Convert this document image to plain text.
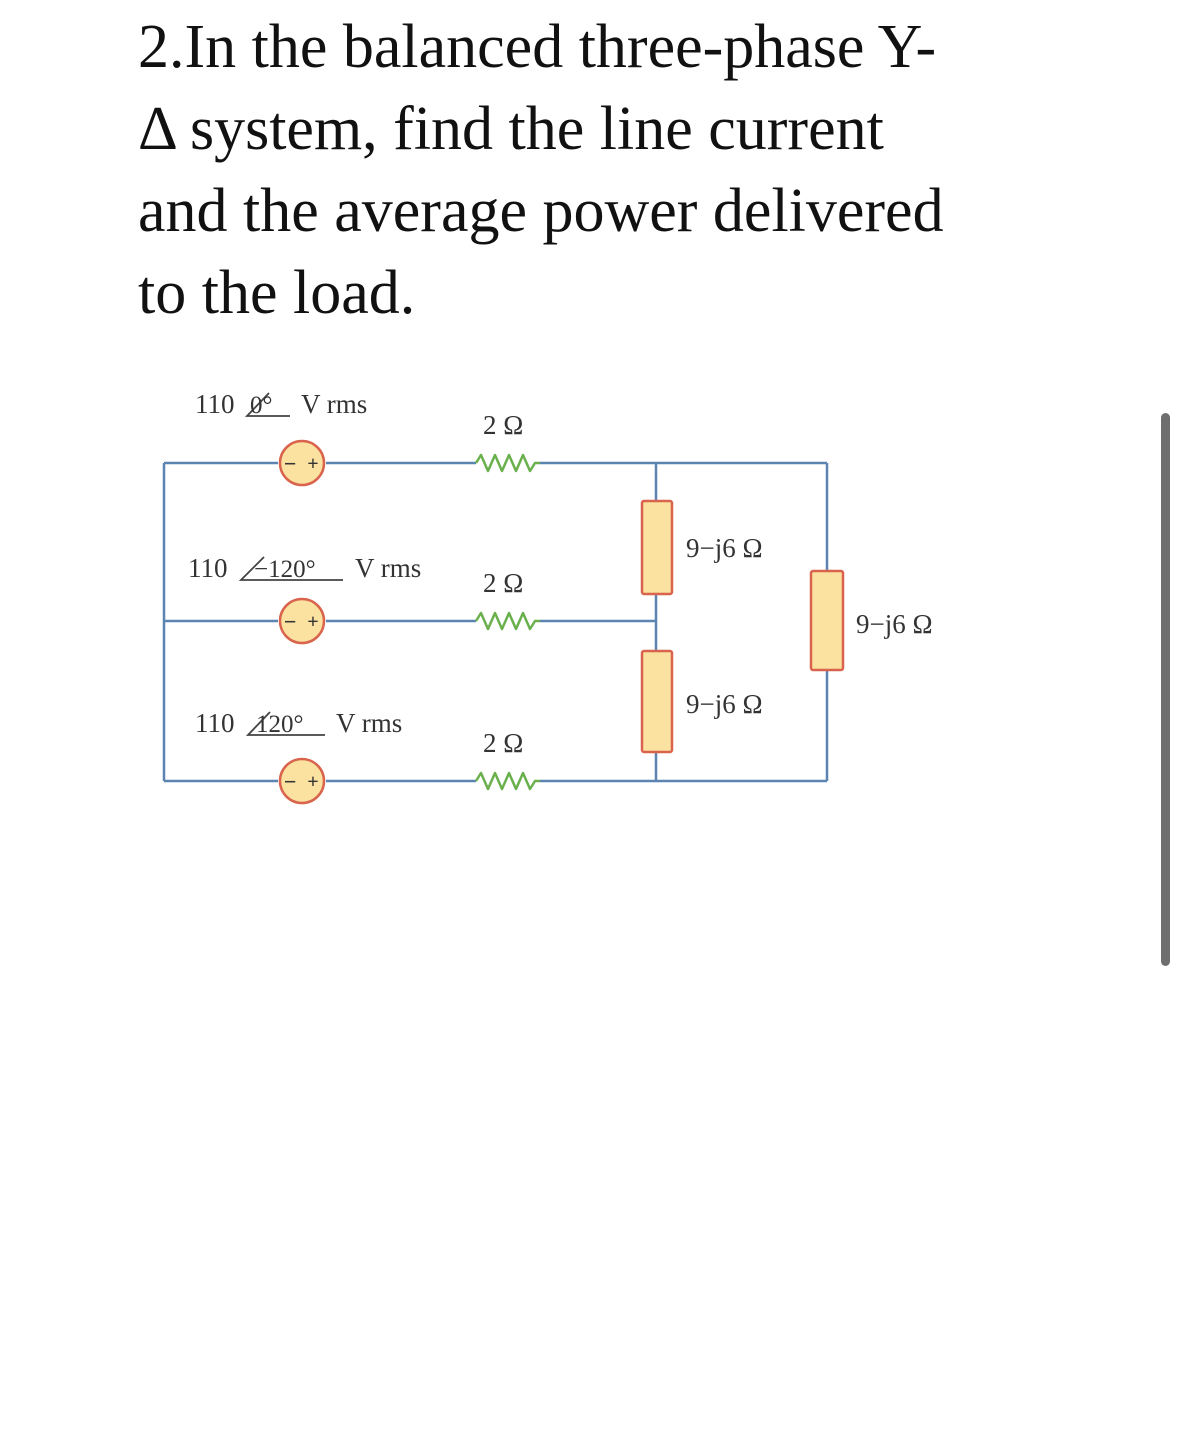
2.In the balanced three-phase Y-
Δ system, find the line current
and the average power delivered
to the load.
− +
− +
− +
110 0° V rms
110 −120° V rms
110 120° V rms
2 Ω
2 Ω
2 Ω
9−j6 Ω
9−j6 Ω
9−j6 Ω
